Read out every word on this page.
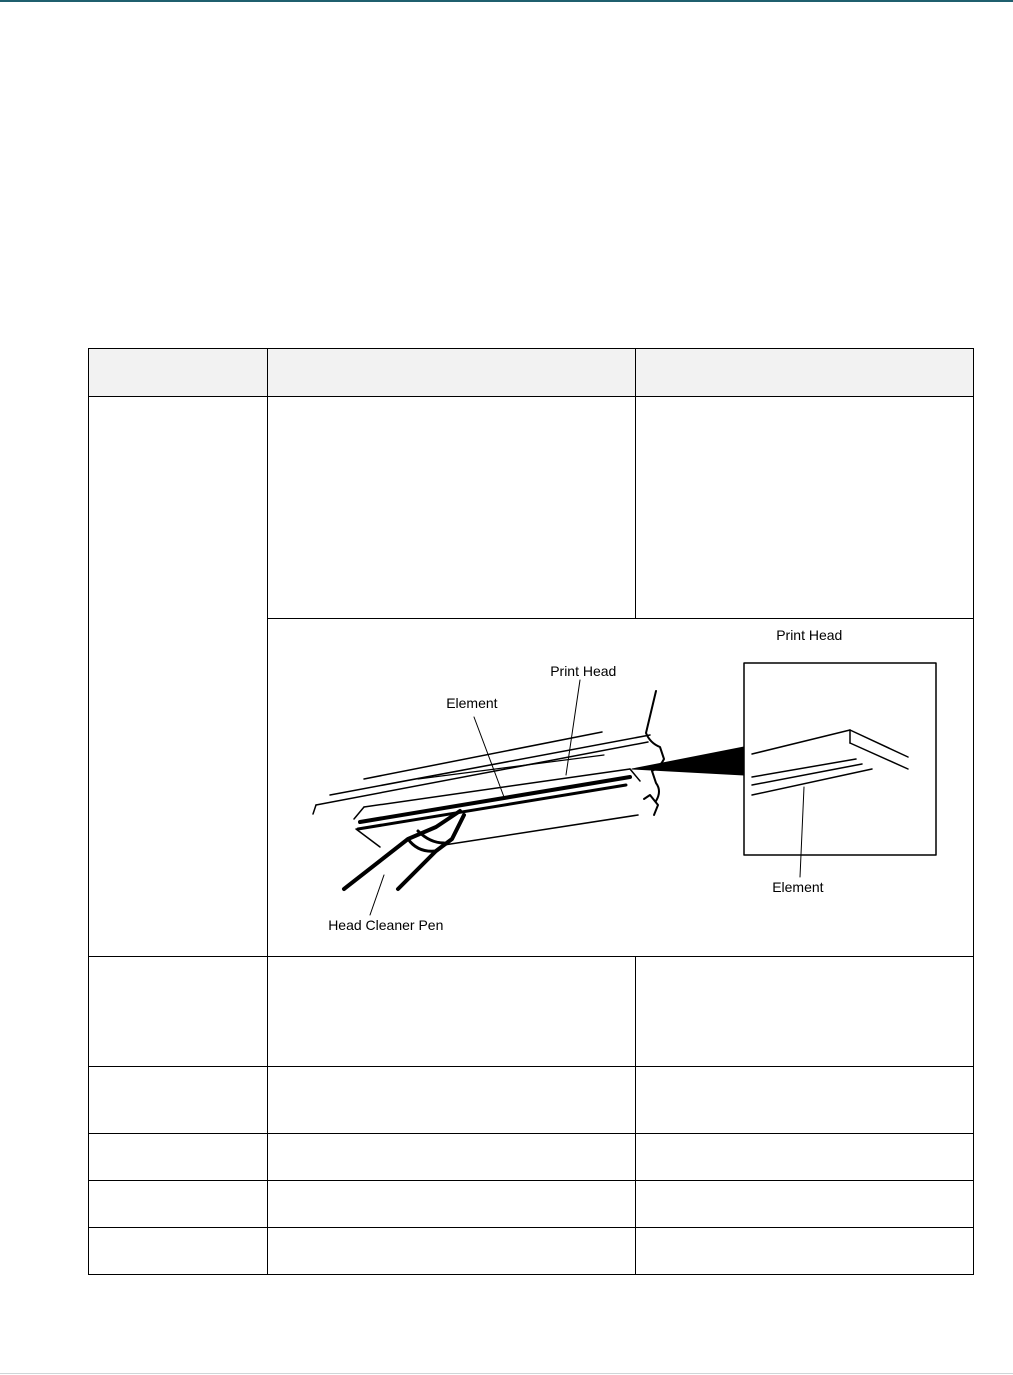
	Print Head
Print Head
Element
Element
Head Cleaner Pen	
